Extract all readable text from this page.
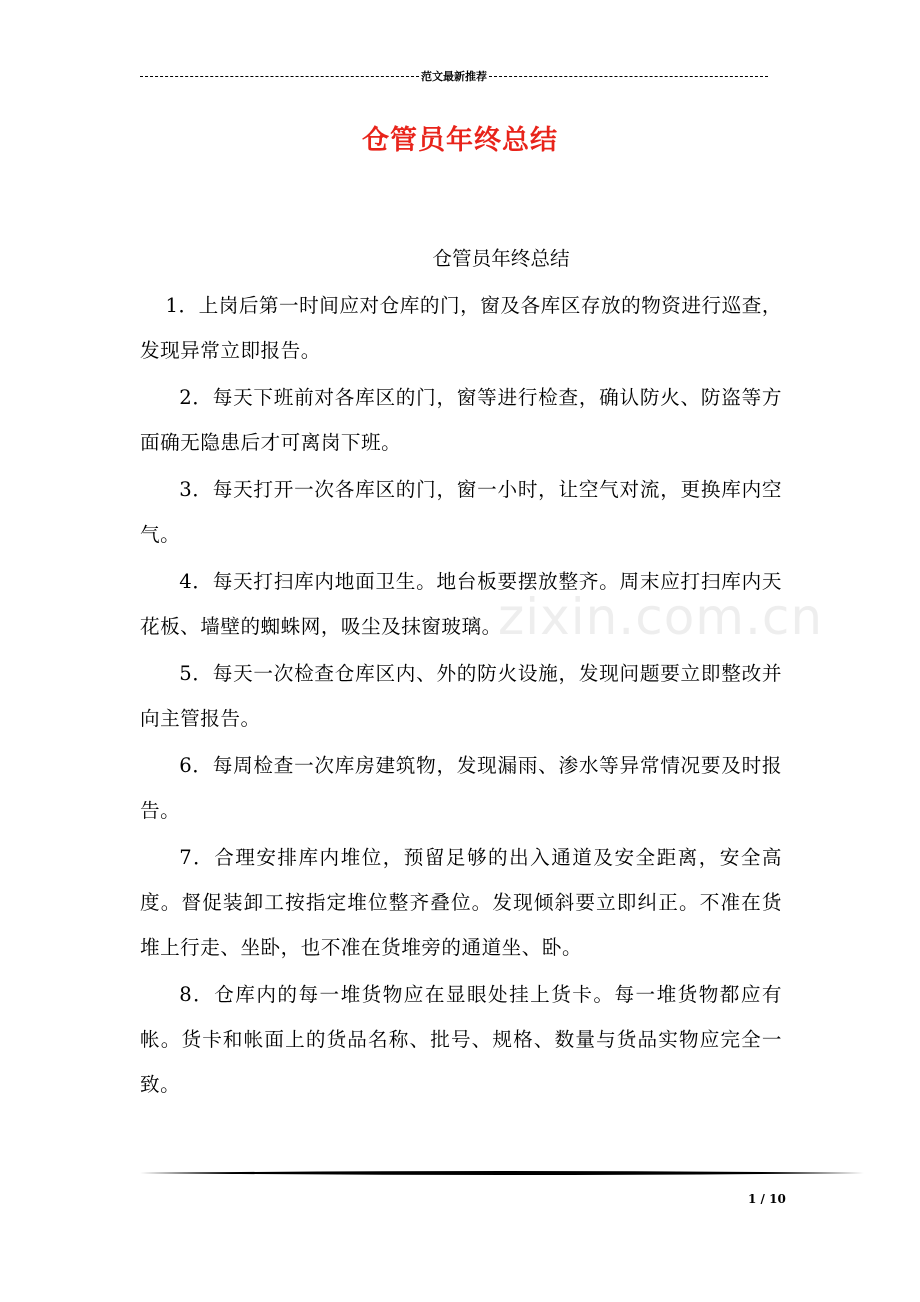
范文最新推荐
仓管员年终总结
zixin.com.cn

仓管员年终总结

1．上岗后第一时间应对仓库的门，窗及各库区存放的物资进行巡查，发现异常立即报告。

2．每天下班前对各库区的门，窗等进行检查，确认防火、防盗等方面确无隐患后才可离岗下班。

3．每天打开一次各库区的门，窗一小时，让空气对流，更换库内空气。

4．每天打扫库内地面卫生。地台板要摆放整齐。周末应打扫库内天花板、墙壁的蜘蛛网，吸尘及抹窗玻璃。

5．每天一次检查仓库区内、外的防火设施，发现问题要立即整改并向主管报告。

6．每周检查一次库房建筑物，发现漏雨、渗水等异常情况要及时报告。

7．合理安排库内堆位，预留足够的出入通道及安全距离，安全高度。督促装卸工按指定堆位整齐叠位。发现倾斜要立即纠正。不准在货堆上行走、坐卧，也不准在货堆旁的通道坐、卧。

8．仓库内的每一堆货物应在显眼处挂上货卡。每一堆货物都应有帐。货卡和帐面上的货品名称、批号、规格、数量与货品实物应完全一致。

1 / 10
